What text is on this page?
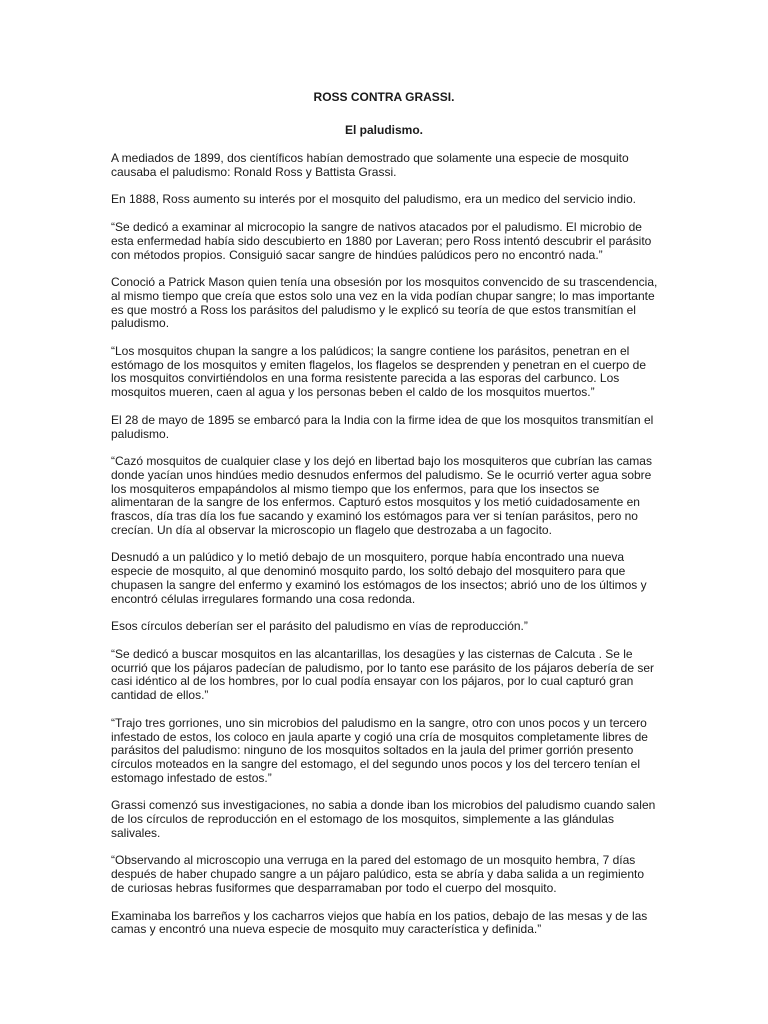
ROSS CONTRA GRASSI.
El paludismo.

A mediados de 1899, dos científicos habían demostrado que solamente una especie de mosquito causaba el paludismo: Ronald Ross y Battista Grassi.

En 1888, Ross aumento su interés por el mosquito del paludismo, era un medico del servicio indio.

“Se dedicó a examinar al microcopio la sangre de nativos atacados por el paludismo. El microbio de esta enfermedad había sido descubierto en 1880 por Laveran; pero Ross intentó descubrir el parásito con métodos propios. Consiguió sacar sangre de hindúes palúdicos pero no encontró nada.”

Conoció a Patrick Mason quien tenía una obsesión por los mosquitos convencido de su trascendencia, al mismo tiempo que creía que estos solo una vez en la vida podían chupar sangre; lo mas importante es que mostró a Ross los parásitos del paludismo y le explicó su teoría de que estos transmitían el paludismo.

“Los mosquitos chupan la sangre a los palúdicos; la sangre contiene los parásitos, penetran en el estómago de los mosquitos y emiten flagelos, los flagelos se desprenden y penetran en el cuerpo de los mosquitos convirtiéndolos en una forma resistente parecida a las esporas del carbunco. Los mosquitos mueren, caen al agua y los personas beben el caldo de los mosquitos muertos.”

El 28 de mayo de 1895 se embarcó para la India con la firme idea de que los mosquitos transmitían el paludismo.

“Cazó mosquitos de cualquier clase y los dejó en libertad bajo los mosquiteros que cubrían las camas donde yacían unos hindúes medio desnudos enfermos del paludismo. Se le ocurrió verter agua sobre los mosquiteros empapándolos al mismo tiempo que los enfermos, para que los insectos se alimentaran de la sangre de los enfermos. Capturó estos mosquitos y los metió cuidadosamente en frascos, día tras día los fue sacando y examinó los estómagos para ver si tenían parásitos, pero no crecían. Un día al observar la microscopio un flagelo que destrozaba a un fagocito.

Desnudó a un palúdico y lo metió debajo de un mosquitero, porque había encontrado una nueva especie de mosquito, al que denominó mosquito pardo, los soltó debajo del mosquitero para que chupasen la sangre del enfermo y examinó los estómagos de los insectos; abrió uno de los últimos y encontró células irregulares formando una cosa redonda.

Esos círculos deberían ser el parásito del paludismo en vías de reproducción.”

“Se dedicó a buscar mosquitos en las alcantarillas, los desagües y las cisternas de Calcuta . Se le ocurrió que los pájaros padecían de paludismo, por lo tanto ese parásito de los pájaros debería de ser casi idéntico al de los hombres, por lo cual podía ensayar con los pájaros, por lo cual capturó gran cantidad de ellos.”

“Trajo tres gorriones, uno sin microbios del paludismo en la sangre, otro con unos pocos y un tercero infestado de estos, los coloco en jaula aparte y cogió una cría de mosquitos completamente libres de parásitos del paludismo: ninguno de los mosquitos soltados en la jaula del primer gorrión presento círculos moteados en la sangre del estomago, el del segundo unos pocos y los del tercero tenían el estomago infestado de estos.”

Grassi comenzó sus investigaciones, no sabia a donde iban los microbios del paludismo cuando salen de los círculos de reproducción en el estomago de los mosquitos, simplemente a las glándulas salivales.

“Observando al microscopio una verruga en la pared del estomago de un mosquito hembra, 7 días después de haber chupado sangre a un pájaro palúdico, esta se abría y daba salida a un regimiento de curiosas hebras fusiformes que desparramaban por todo el cuerpo del mosquito.

Examinaba los barreños y los cacharros viejos que había en los patios, debajo de las mesas y de las camas y encontró una nueva especie de mosquito muy característica y definida.”
